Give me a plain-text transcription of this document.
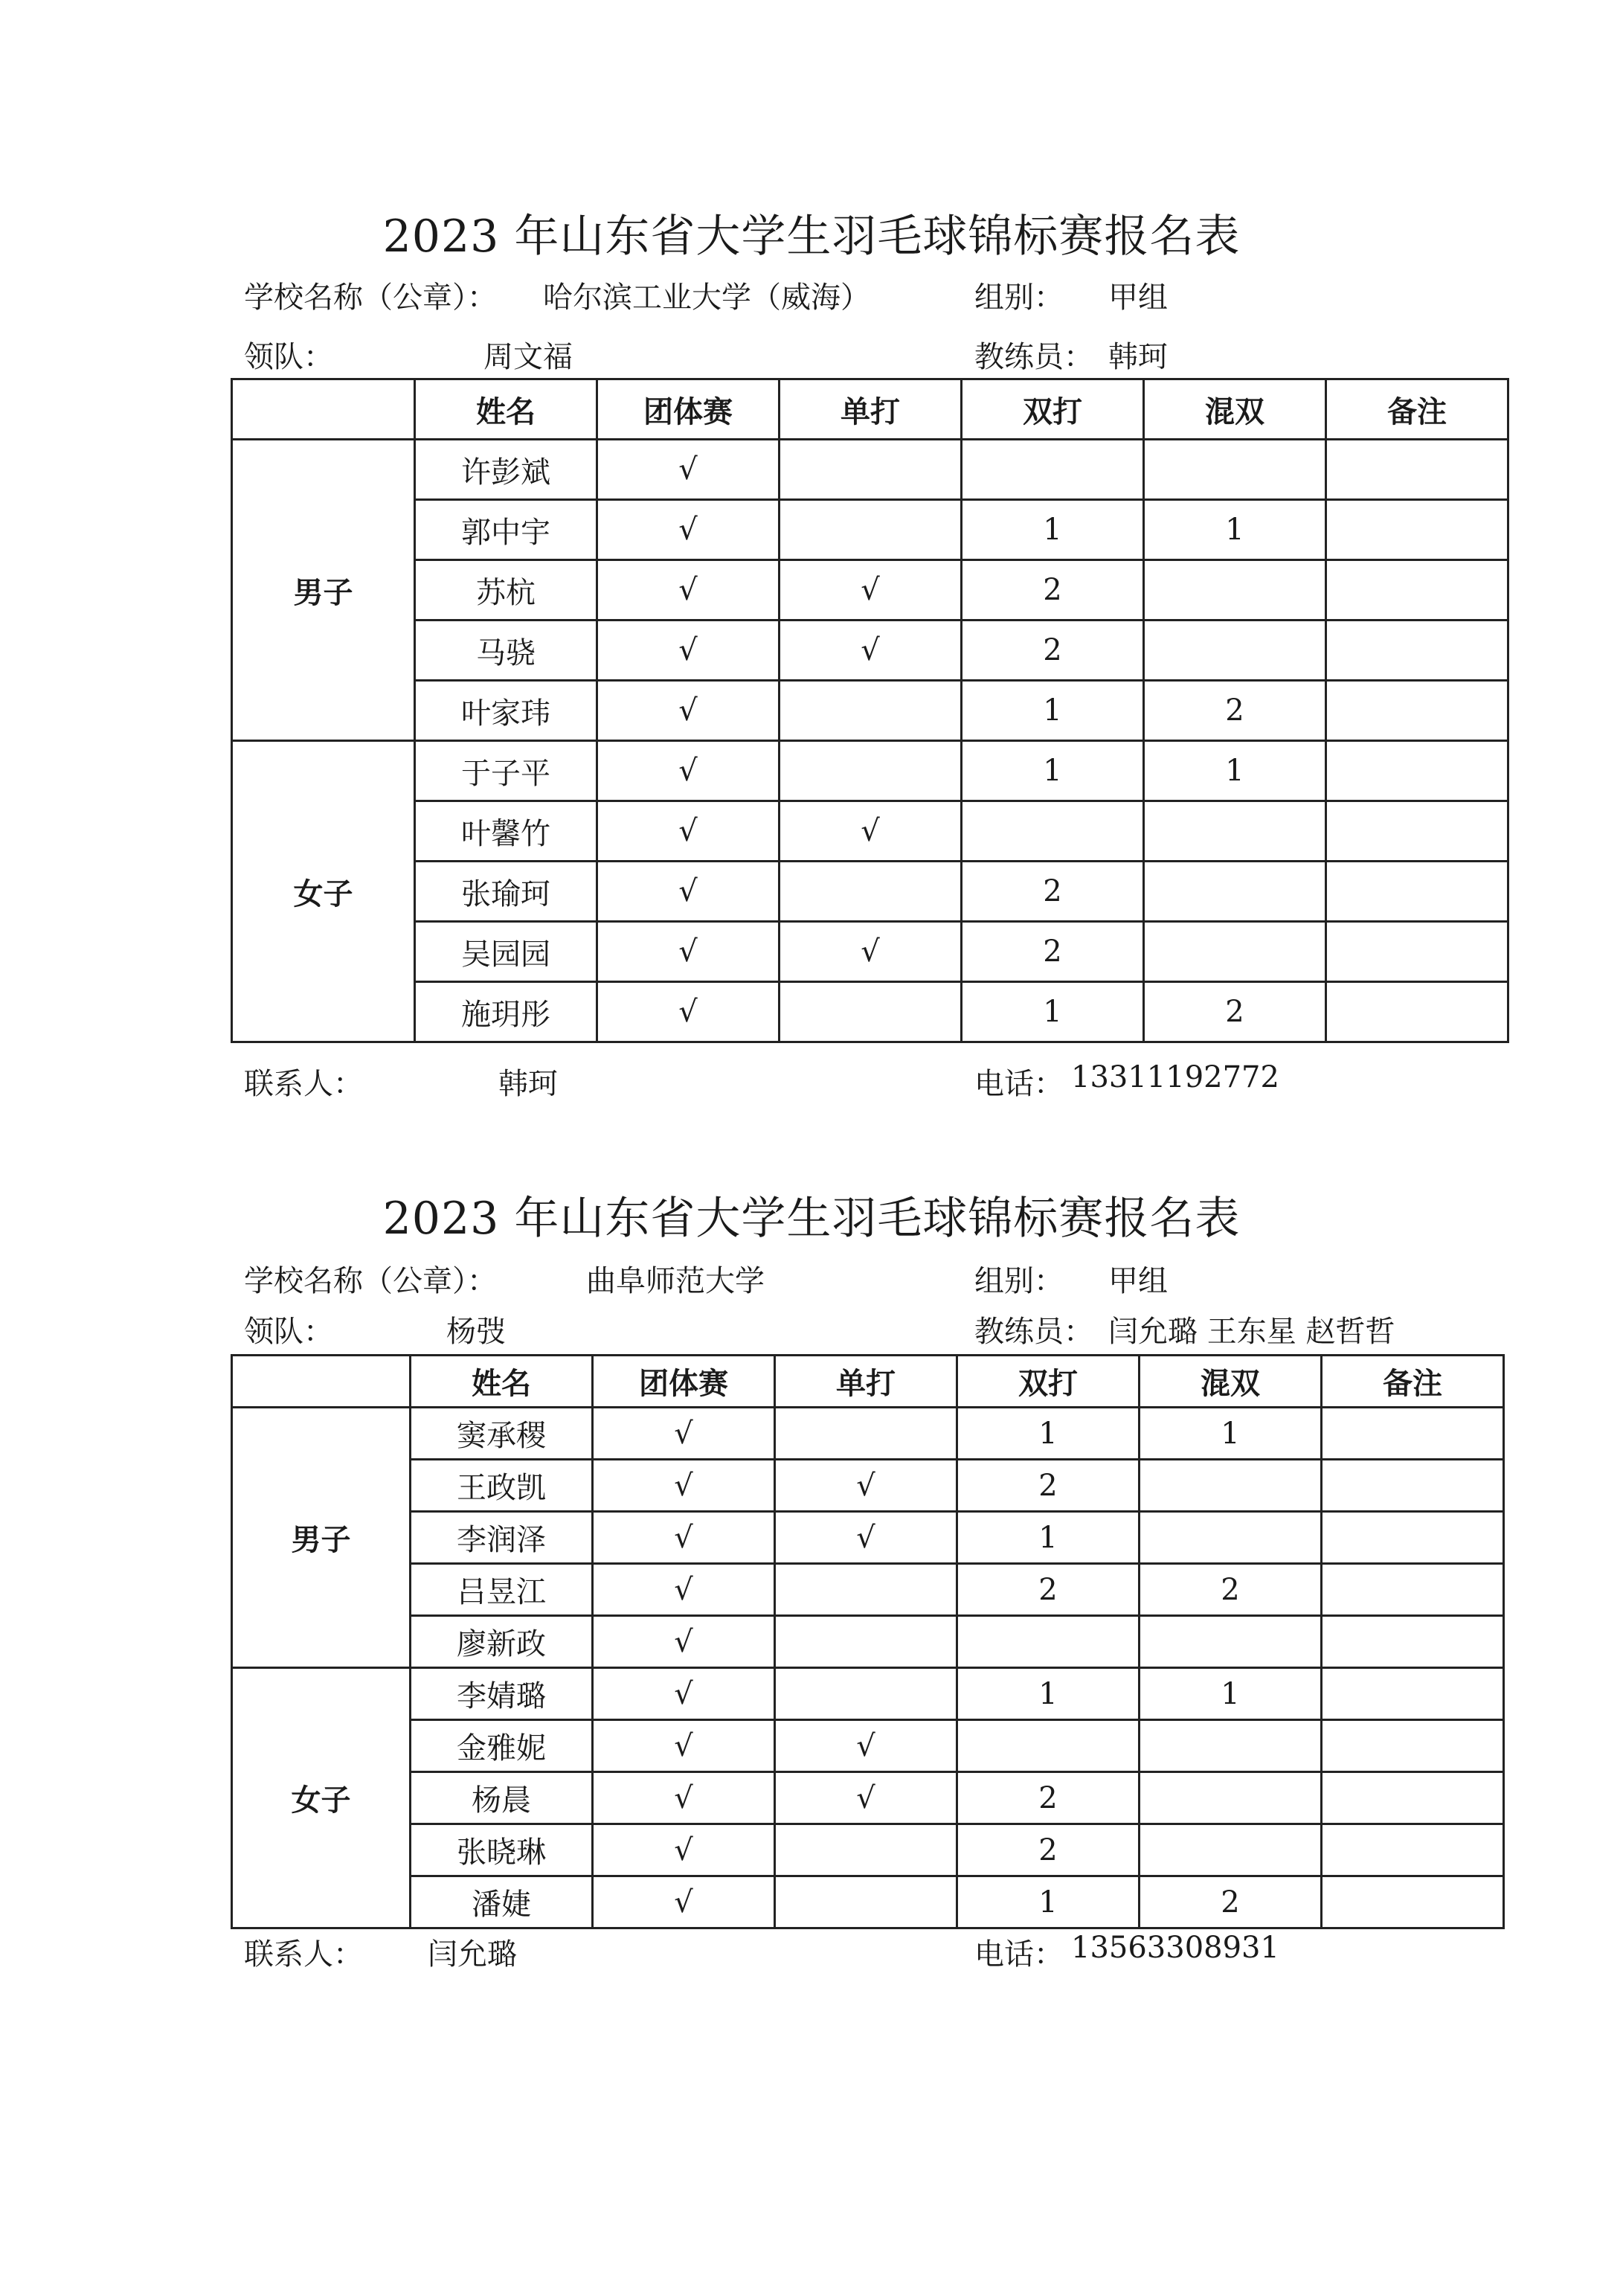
2023 年山东省大学生羽毛球锦标赛报名表
学校名称（公章）： 哈尔滨工业大学（威海）	组别： 甲组
领队：	周文福	教练员： 韩珂
	姓名	团体赛	单打	双打	混双	备注
男子	许彭斌	√				
	郭中宇	√		1	1	
	苏杭	√	√	2		
	马骁	√	√	2		
	叶家玮	√		1	2	
女子	于子平	√		1	1	
	叶馨竹	√	√			
	张瑜珂	√		2		
	吴园园	√	√	2		
	施玥彤	√		1	2	
联系人：	韩珂	电话： 13311192772
2023 年山东省大学生羽毛球锦标赛报名表
学校名称（公章）：	曲阜师范大学	组别： 甲组
领队：	杨弢	教练员： 闫允璐 王东星 赵哲哲
	姓名	团体赛	单打	双打	混双	备注
男子	窦承稷	√		1	1	
	王政凯	√	√	2		
	李润泽	√	√	1		
	吕昱江	√		2	2	
	廖新政	√				
女子	李婧璐	√		1	1	
	金雅妮	√	√			
	杨晨	√	√	2		
	张晓琳	√		2		
	潘婕	√		1	2	
联系人： 闫允璐	电话： 13563308931
